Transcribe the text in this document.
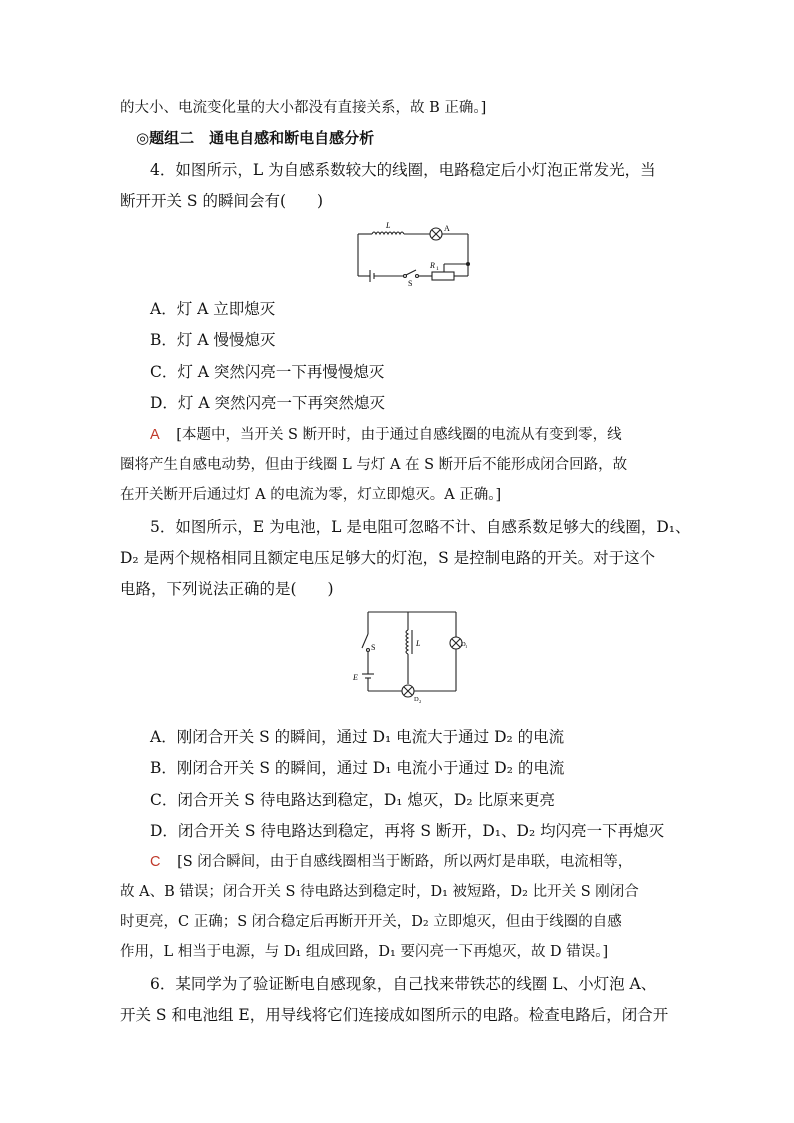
的大小、电流变化量的大小都没有直接关系，故 B 正确。]
◎题组二　通电自感和断电自感分析
4．如图所示，L 为自感系数较大的线圈，电路稳定后小灯泡正常发光，当
断开开关 S 的瞬间会有(　　)
L	A
R 1
S
A．灯 A 立即熄灭
B．灯 A 慢慢熄灭
C．灯 A 突然闪亮一下再慢慢熄灭
D．灯 A 突然闪亮一下再突然熄灭
A [本题中，当开关 S 断开时，由于通过自感线圈的电流从有变到零，线
圈将产生自感电动势，但由于线圈 L 与灯 A 在 S 断开后不能形成闭合回路，故
在开关断开后通过灯 A 的电流为零，灯立即熄灭。A 正确。]
5．如图所示，E 为电池，L 是电阻可忽略不计、自感系数足够大的线圈，D₁、
D₂ 是两个规格相同且额定电压足够大的灯泡，S 是控制电路的开关。对于这个
电路，下列说法正确的是(　　)
S	L	D 1
E
D 2
A．刚闭合开关 S 的瞬间，通过 D₁ 电流大于通过 D₂ 的电流
B．刚闭合开关 S 的瞬间，通过 D₁ 电流小于通过 D₂ 的电流
C．闭合开关 S 待电路达到稳定，D₁ 熄灭，D₂ 比原来更亮
D．闭合开关 S 待电路达到稳定，再将 S 断开，D₁、D₂ 均闪亮一下再熄灭
C [S 闭合瞬间，由于自感线圈相当于断路，所以两灯是串联，电流相等，
故 A、B 错误；闭合开关 S 待电路达到稳定时，D₁ 被短路，D₂ 比开关 S 刚闭合
时更亮，C 正确；S 闭合稳定后再断开开关，D₂ 立即熄灭，但由于线圈的自感
作用，L 相当于电源，与 D₁ 组成回路，D₁ 要闪亮一下再熄灭，故 D 错误。]
6．某同学为了验证断电自感现象，自己找来带铁芯的线圈 L、小灯泡 A、
开关 S 和电池组 E，用导线将它们连接成如图所示的电路。检查电路后，闭合开
